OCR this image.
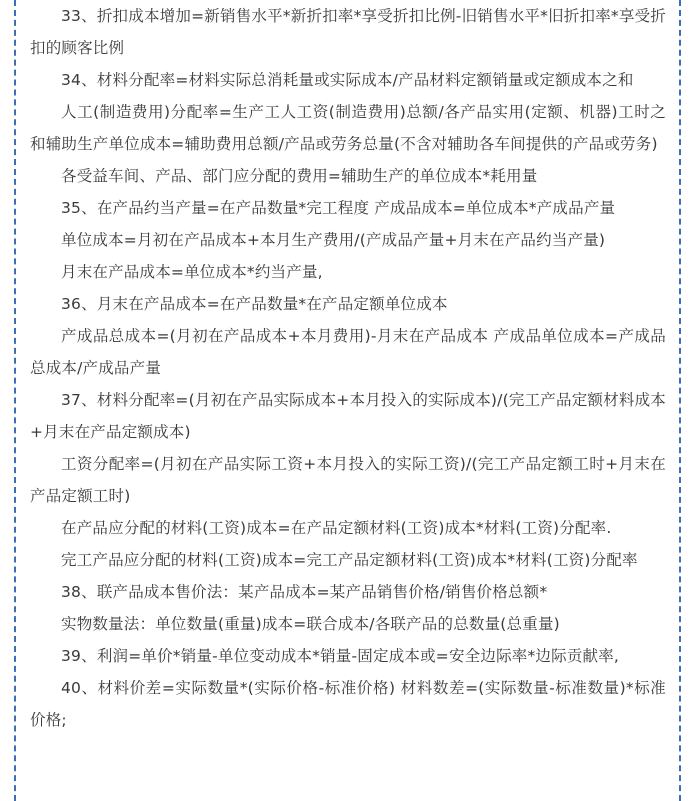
33、折扣成本增加=新销售水平*新折扣率*享受折扣比例-旧销售水平*旧折扣率*享受折扣的顾客比例

34、材料分配率=材料实际总消耗量或实际成本/产品材料定额销量或定额成本之和

人工(制造费用)分配率=生产工人工资(制造费用)总额/各产品实用(定额、机器)工时之和辅助生产单位成本=辅助费用总额/产品或劳务总量(不含对辅助各车间提供的产品或劳务)

各受益车间、产品、部门应分配的费用=辅助生产的单位成本*耗用量

35、在产品约当产量=在产品数量*完工程度 产成品成本=单位成本*产成品产量

单位成本=月初在产品成本+本月生产费用/(产成品产量+月末在产品约当产量)

月末在产品成本=单位成本*约当产量,

36、月末在产品成本=在产品数量*在产品定额单位成本

产成品总成本=(月初在产品成本+本月费用)-月末在产品成本 产成品单位成本=产成品总成本/产成品产量

37、材料分配率=(月初在产品实际成本+本月投入的实际成本)/(完工产品定额材料成本+月末在产品定额成本)

工资分配率=(月初在产品实际工资+本月投入的实际工资)/(完工产品定额工时+月末在产品定额工时)

在产品应分配的材料(工资)成本=在产品定额材料(工资)成本*材料(工资)分配率.

完工产品应分配的材料(工资)成本=完工产品定额材料(工资)成本*材料(工资)分配率

38、联产品成本售价法：某产品成本=某产品销售价格/销售价格总额*

实物数量法：单位数量(重量)成本=联合成本/各联产品的总数量(总重量)

39、利润=单价*销量-单位变动成本*销量-固定成本或=安全边际率*边际贡献率,

40、材料价差=实际数量*(实际价格-标准价格) 材料数差=(实际数量-标准数量)*标准价格;
